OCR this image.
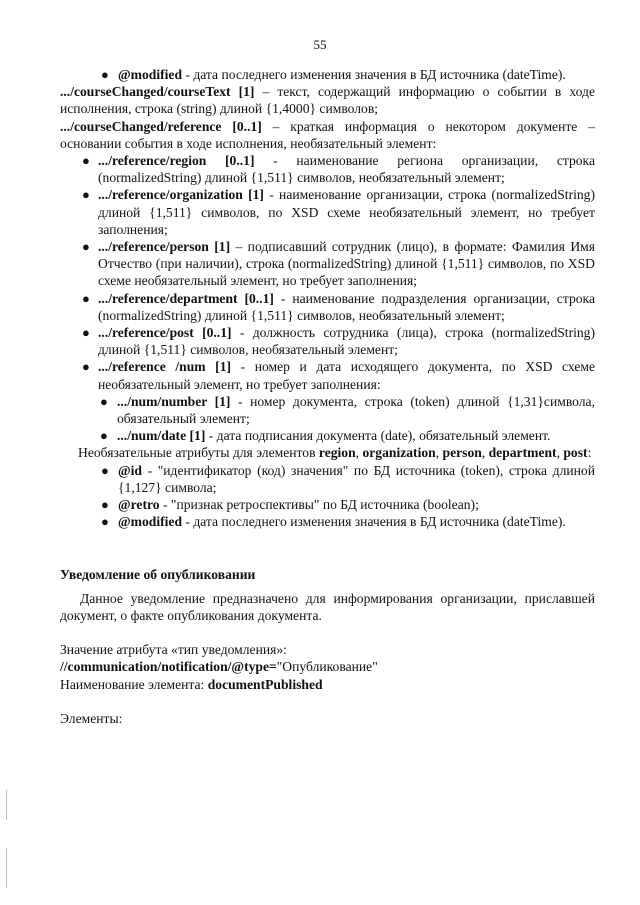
55
● @modified - дата последнего изменения значения в БД источника (dateTime).

.../courseChanged/courseText [1] – текст, содержащий информацию о событии в ходе исполнения, строка (string) длиной {1,4000} символов;

.../courseChanged/reference [0..1] – краткая информация о некотором документе – основании события в ходе исполнения, необязательный элемент:

● .../reference/region [0..1] - наименование региона организации, строка (normalizedString) длиной {1,511} символов, необязательный элемент;
● .../reference/organization [1] - наименование организации, строка (normalizedString) длиной {1,511} символов, по XSD схеме необязательный элемент, но требует заполнения;
● .../reference/person [1] – подписавший сотрудник (лицо), в формате: Фамилия Имя Отчество (при наличии), строка (normalizedString) длиной {1,511} символов, по XSD схеме необязательный элемент, но требует заполнения;
● .../reference/department [0..1] - наименование подразделения организации, строка (normalizedString) длиной {1,511} символов, необязательный элемент;
● .../reference/post [0..1] - должность сотрудника (лица), строка (normalizedString) длиной {1,511} символов, необязательный элемент;
● .../reference /num [1] - номер и дата исходящего документа, по XSD схеме необязательный элемент, но требует заполнения:
● .../num/number [1] - номер документа, строка (token) длиной {1,31}символа, обязательный элемент;
● .../num/date [1] - дата подписания документа (date), обязательный элемент.

Необязательные атрибуты для элементов region, organization, person, department, post:

● @id - "идентификатор (код) значения" по БД источника (token), строка длиной {1,127} символа;
● @retro - "признак ретроспективы" по БД источника (boolean);
● @modified - дата последнего изменения значения в БД источника (dateTime).

Уведомление об опубликовании

Данное уведомление предназначено для информирования организации, приславшей документ, о факте опубликования документа.

Значение атрибута «тип уведомления»:

//communication/notification/@type="Опубликование"

Наименование элемента: documentPublished

Элементы:
